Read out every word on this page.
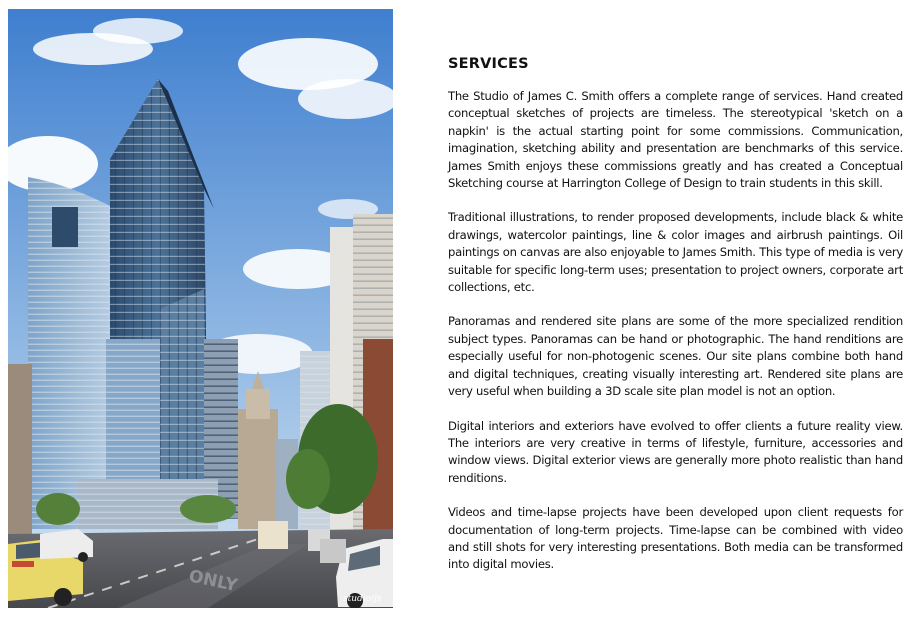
ONLY
studio/js
SERVICES

The Studio of James C. Smith offers a complete range of services. Hand created conceptual sketches of projects are timeless. The stereotypical 'sketch on a napkin' is the actual starting point for some commissions. Communication, imagination, sketching ability and presentation are benchmarks of this service. James Smith enjoys these commissions greatly and has created a Conceptual Sketching course at Harrington College of Design to train students in this skill.

Traditional illustrations, to render proposed developments, include black & white drawings, watercolor paintings, line & color images and airbrush paintings. Oil paintings on canvas are also enjoyable to James Smith. This type of media is very suitable for specific long-term uses; presentation to project owners, corporate art collections, etc.

Panoramas and rendered site plans are some of the more specialized rendition subject types. Panoramas can be hand or photographic. The hand renditions are especially useful for non-photogenic scenes. Our site plans combine both hand and digital techniques, creating visually interesting art. Rendered site plans are very useful when building a 3D scale site plan model is not an option.

Digital interiors and exteriors have evolved to offer clients a future reality view. The interiors are very creative in terms of lifestyle, furniture, accessories and window views. Digital exterior views are generally more photo realistic than hand renditions.

Videos and time-lapse projects have been developed upon client requests for documentation of long-term projects. Time-lapse can be combined with video and still shots for very interesting presentations. Both media can be transformed into digital movies.
